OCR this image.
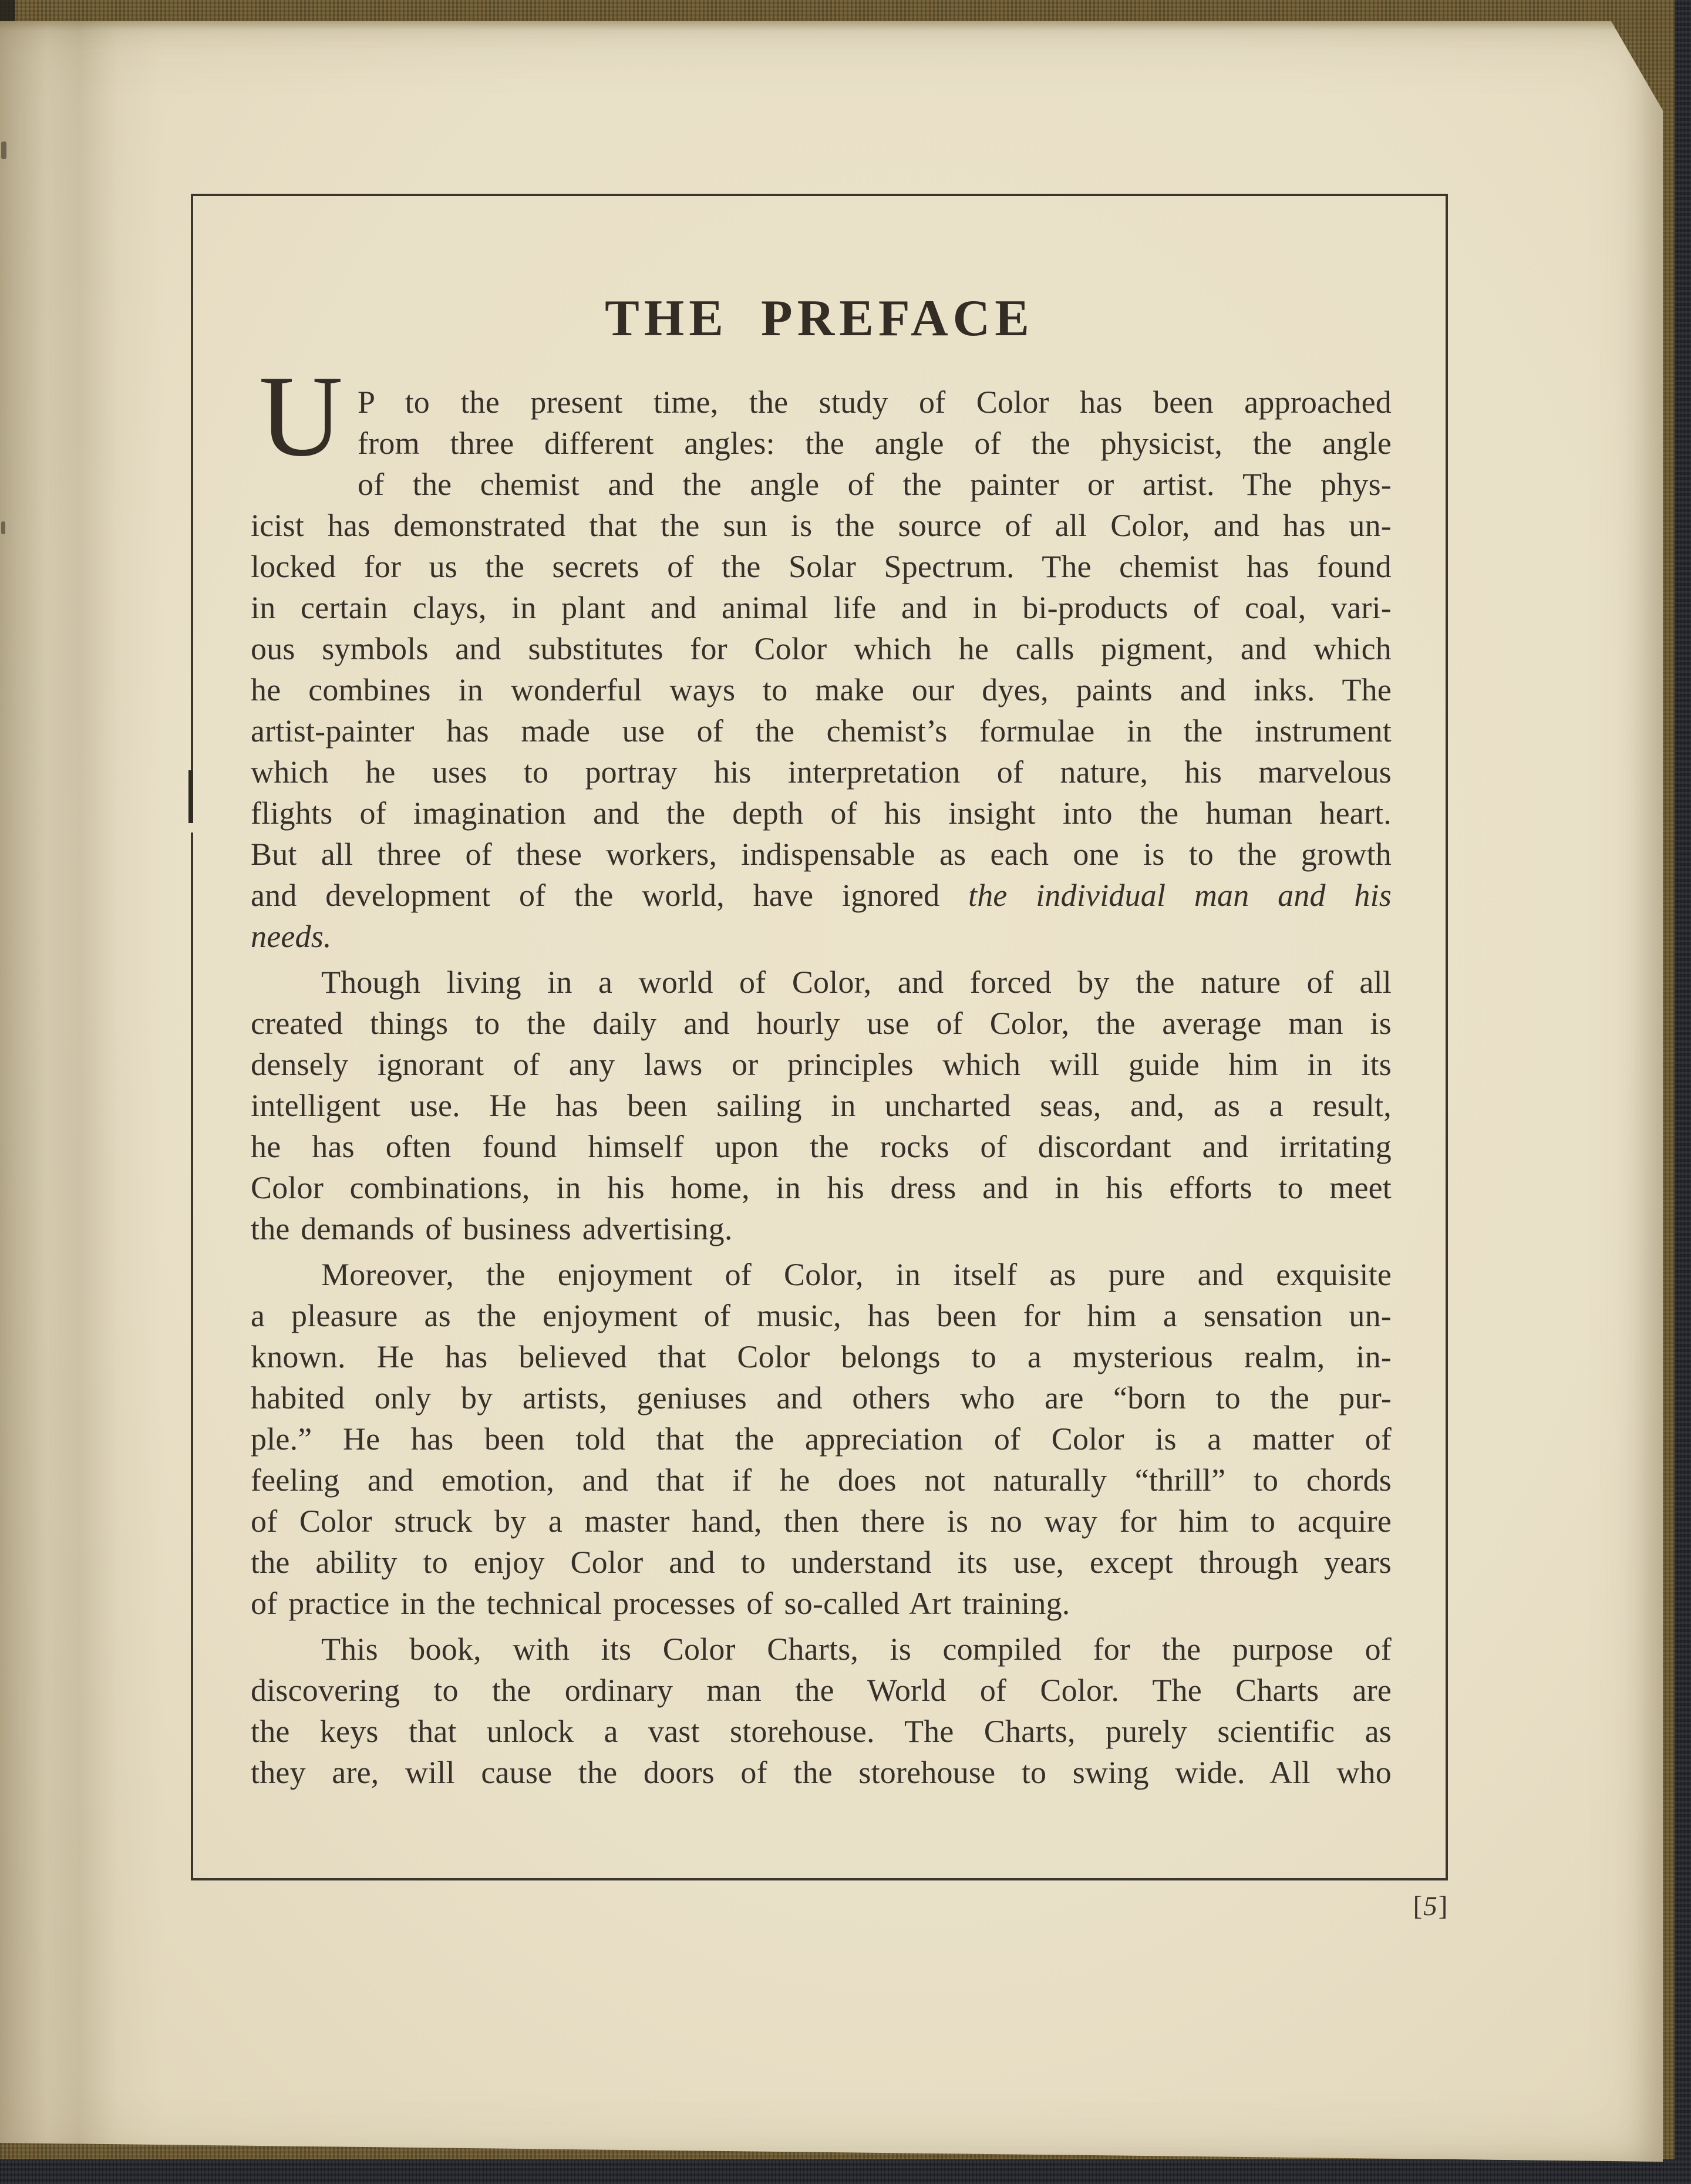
THE PREFACE
U P to the present time, the study of Color has been approached
from three different angles: the angle of the physicist, the angle
of the chemist and the angle of the painter or artist. The phys-
icist has demonstrated that the sun is the source of all Color, and has un-
locked for us the secrets of the Solar Spectrum. The chemist has found
in certain clays, in plant and animal life and in bi-products of coal, vari-
ous symbols and substitutes for Color which he calls pigment, and which
he combines in wonderful ways to make our dyes, paints and inks. The
artist-painter has made use of the chemist’s formulae in the instrument
which he uses to portray his interpretation of nature, his marvelous
flights of imagination and the depth of his insight into the human heart.
But all three of these workers, indispensable as each one is to the growth
and development of the world, have ignored the individual man and his
needs.
Though living in a world of Color, and forced by the nature of all
created things to the daily and hourly use of Color, the average man is
densely ignorant of any laws or principles which will guide him in its
intelligent use. He has been sailing in uncharted seas, and, as a result,
he has often found himself upon the rocks of discordant and irritating
Color combinations, in his home, in his dress and in his efforts to meet
the demands of business advertising.
Moreover, the enjoyment of Color, in itself as pure and exquisite
a pleasure as the enjoyment of music, has been for him a sensation un-
known. He has believed that Color belongs to a mysterious realm, in-
habited only by artists, geniuses and others who are “born to the pur-
ple.” He has been told that the appreciation of Color is a matter of
feeling and emotion, and that if he does not naturally “thrill” to chords
of Color struck by a master hand, then there is no way for him to acquire
the ability to enjoy Color and to understand its use, except through years
of practice in the technical processes of so-called Art training.
This book, with its Color Charts, is compiled for the purpose of
discovering to the ordinary man the World of Color. The Charts are
the keys that unlock a vast storehouse. The Charts, purely scientific as
they are, will cause the doors of the storehouse to swing wide. All who
[5]
